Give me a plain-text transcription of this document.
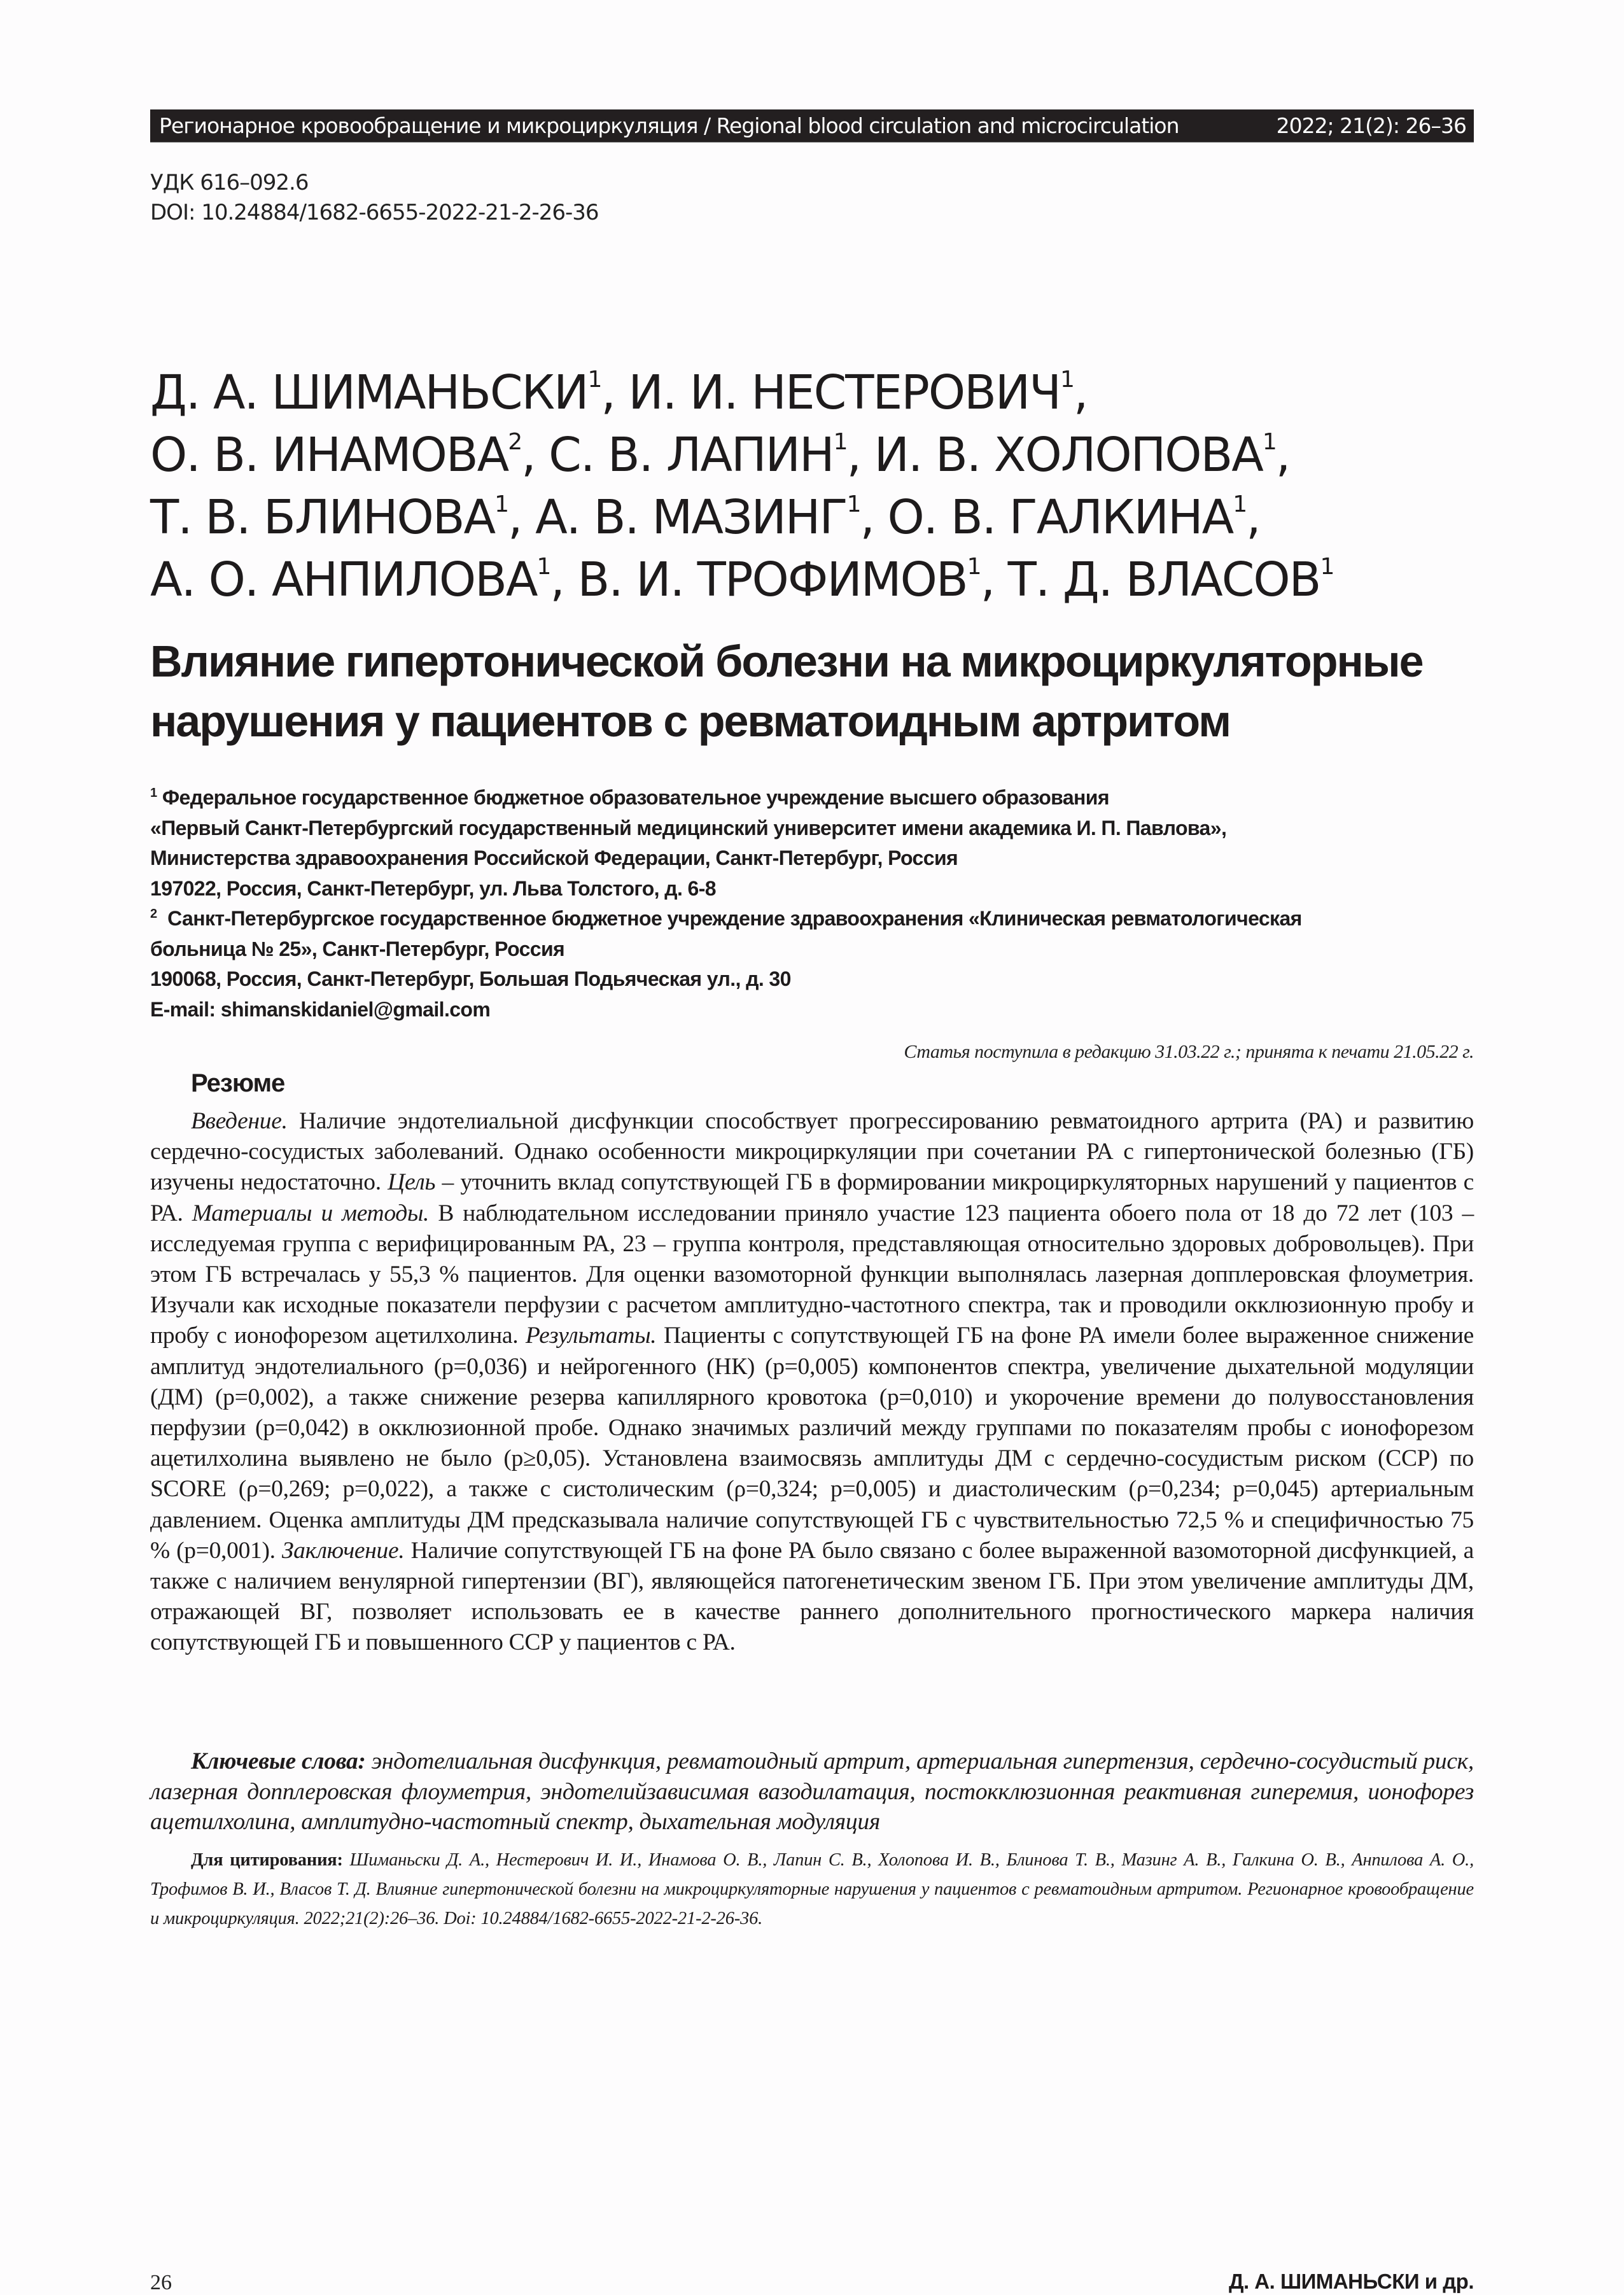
Регионарное кровообращение и микроциркуляция / Regional blood circulation and microcirculation	2022; 21(2): 26–36
УДК 616–092.6
DOI: 10.24884/1682-6655-2022-21-2-26-36
Д. А. ШИМАНЬСКИ$^1$, И. И. НЕСТЕРОВИЧ$^1$,
О. В. ИНАМОВА$^2$, С. В. ЛАПИН$^1$, И. В. ХОЛОПОВА$^1$,
Т. В. БЛИНОВА$^1$, А. В. МАЗИНГ$^1$, О. В. ГАЛКИНА$^1$,
А. О. АНПИЛОВА$^1$, В. И. ТРОФИМОВ$^1$, Т. Д. ВЛАСОВ$^1$
Влияние гипертонической болезни на микроциркуляторные
нарушения у пациентов с ревматоидным артритом
$^1$ Федеральное государственное бюджетное образовательное учреждение высшего образования
«Первый Санкт-Петербургский государственный медицинский университет имени академика И. П. Павлова»,
Министерства здравоохранения Российской Федерации, Санкт-Петербург, Россия
197022, Россия, Санкт-Петербург, ул. Льва Толстого, д. 6-8
$^2$ Санкт-Петербургское государственное бюджетное учреждение здравоохранения «Клиническая ревматологическая
больница № 25», Санкт-Петербург, Россия
190068, Россия, Санкт-Петербург, Большая Подьяческая ул., д. 30
E-mail: shimanskidaniel@gmail.com
Статья поступила в редакцию 31.03.22 г.; принята к печати 21.05.22 г.
Резюме

Введение. Наличие эндотелиальной дисфункции способствует прогрессированию ревматоидного артрита (РА) и развитию сердечно-сосудистых заболеваний. Однако особенности микроциркуляции при сочетании РА с гипертонической болезнью (ГБ) изучены недостаточно. Цель – уточнить вклад сопутствующей ГБ в формировании микроциркуляторных нарушений у пациентов с РА. Материалы и методы. В наблюдательном исследовании приняло участие 123 пациента обоего пола от 18 до 72 лет (103 – исследуемая группа с верифицированным РА, 23 – группа контроля, представляющая относительно здоровых добровольцев). При этом ГБ встречалась у 55,3 % пациентов. Для оценки вазомоторной функции выполнялась лазерная допплеровская флоуметрия. Изучали как исходные показатели перфузии с расчетом амплитудно-частотного спектра, так и проводили окклюзионную пробу и пробу с ионофорезом ацетилхолина. Результаты. Пациенты с сопутствующей ГБ на фоне РА имели более выраженное снижение амплитуд эндотелиального (p=0,036) и нейрогенного (НК) (p=0,005) компонентов спектра, увеличение дыхательной модуляции (ДМ) (p=0,002), а также снижение резерва капиллярного кровотока (p=0,010) и укорочение времени до полувосстановления перфузии (p=0,042) в окклюзионной пробе. Однако значимых различий между группами по показателям пробы с ионофорезом ацетилхолина выявлено не было (p≥0,05). Установлена взаимосвязь амплитуды ДМ с сердечно-сосудистым риском (ССР) по SCORE (ρ=0,269; p=0,022), а также с систолическим (ρ=0,324; p=0,005) и диастолическим (ρ=0,234; p=0,045) артериальным давлением. Оценка амплитуды ДМ предсказывала наличие сопутствующей ГБ с чувствительностью 72,5 % и специфичностью 75 % (p=0,001). Заключение. Наличие сопутствующей ГБ на фоне РА было связано с более выраженной вазомоторной дисфункцией, а также с наличием венулярной гипертензии (ВГ), являющейся патогенетическим звеном ГБ. При этом увеличение амплитуды ДМ, отражающей ВГ, позволяет использовать ее в качестве раннего дополнительного прогностического маркера наличия сопутствующей ГБ и повышенного ССР у пациентов с РА.

Ключевые слова: эндотелиальная дисфункция, ревматоидный артрит, артериальная гипертензия, сердечно-сосудистый риск, лазерная допплеровская флоуметрия, эндотелийзависимая вазодилатация, постокклюзионная реактивная гиперемия, ионофорез ацетилхолина, амплитудно-частотный спектр, дыхательная модуляция
Для цитирования: Шиманьски Д. А., Нестерович И. И., Инамова О. В., Лапин С. В., Холопова И. В., Блинова Т. В., Мазинг А. В., Галкина О. В., Анпилова А. О., Трофимов В. И., Власов Т. Д. Влияние гипертонической болезни на микроциркуляторные нарушения у пациентов с ревматоидным артритом. Регионарное кровообращение и микроциркуляция. 2022;21(2):26–36. Doi: 10.24884/1682-6655-2022-21-2-26-36.
26	Д. А. ШИМАНЬСКИ и др.
